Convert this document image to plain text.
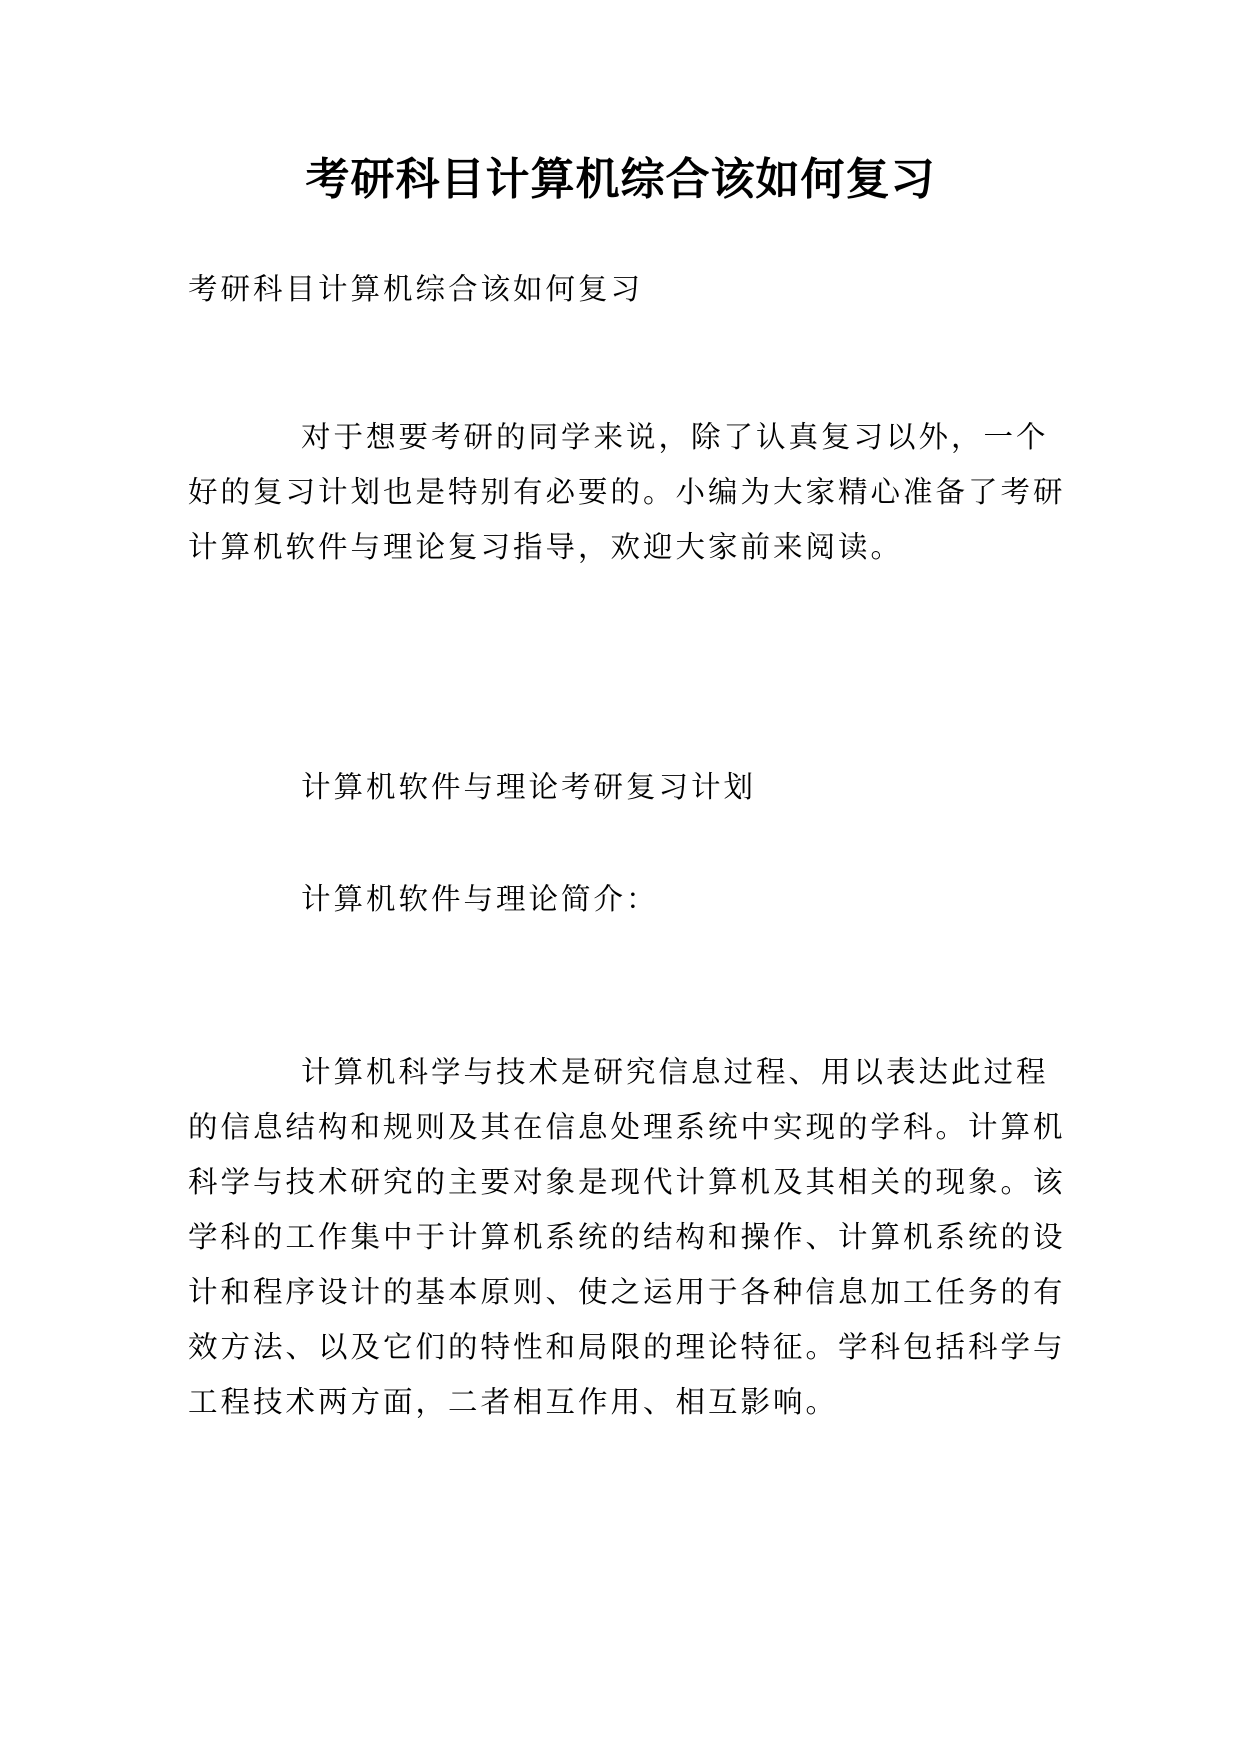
考研科目计算机综合该如何复习

考研科目计算机综合该如何复习

对于想要考研的同学来说，除了认真复习以外，一个好的复习计划也是特别有必要的。小编为大家精心准备了考研计算机软件与理论复习指导，欢迎大家前来阅读。

计算机软件与理论考研复习计划

计算机软件与理论简介：

计算机科学与技术是研究信息过程、用以表达此过程的信息结构和规则及其在信息处理系统中实现的学科。计算机科学与技术研究的主要对象是现代计算机及其相关的现象。该学科的工作集中于计算机系统的结构和操作、计算机系统的设计和程序设计的基本原则、使之运用于各种信息加工任务的有效方法、以及它们的特性和局限的理论特征。学科包括科学与工程技术两方面，二者相互作用、相互影响。
